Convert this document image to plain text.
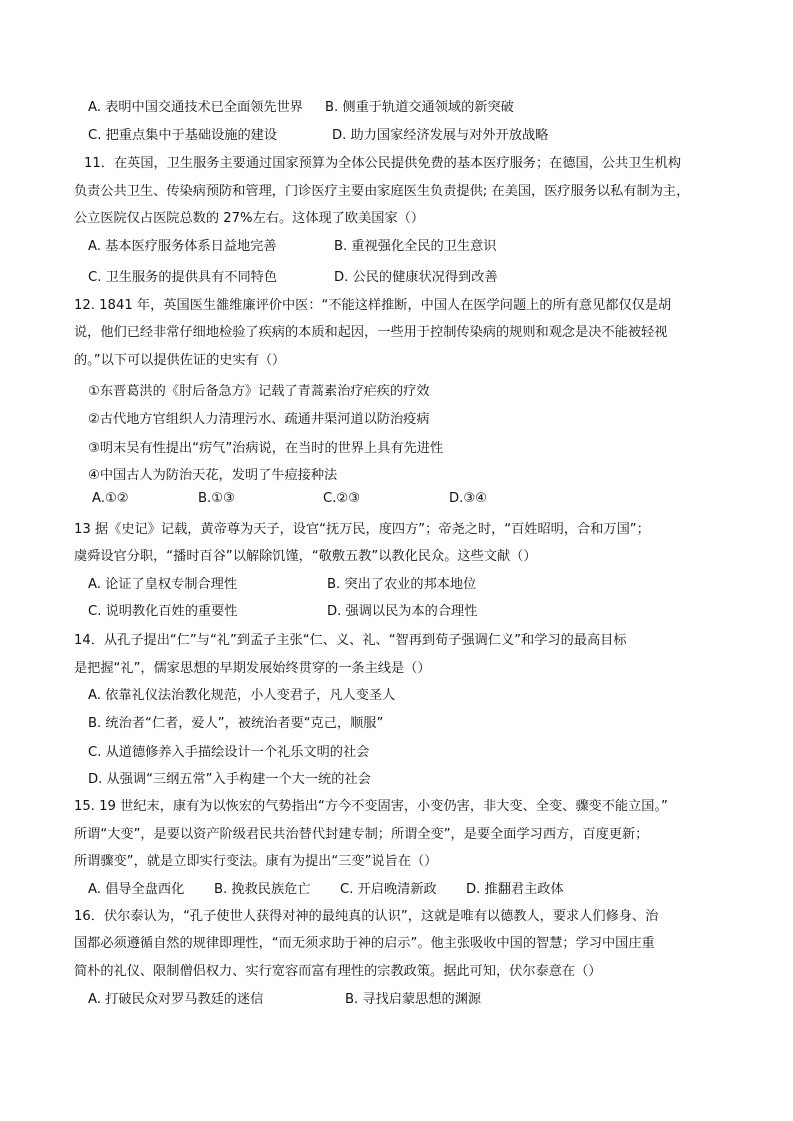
A. 表明中国交通技术已全面领先世界 B. 侧重于轨道交通领域的新突破
C. 把重点集中于基础设施的建设	D. 助力国家经济发展与对外开放战略
11．在英国，卫生服务主要通过国家预算为全体公民提供免费的基本医疗服务；在德国，公共卫生机构
负责公共卫生、传染病预防和管理，门诊医疗主要由家庭医生负责提供; 在美国，医疗服务以私有制为主，
公立医院仅占医院总数的 27%左右。这体现了欧美国家（）
A. 基本医疗服务体系日益地完善	B. 重视强化全民的卫生意识
C. 卫生服务的提供具有不同特色	D. 公民的健康状况得到改善
12. 1841 年，英国医生雒维廉评价中医：“不能这样推断，中国人在医学问题上的所有意见都仅仅是胡
说，他们已经非常仔细地检验了疾病的本质和起因，一些用于控制传染病的规则和观念是决不能被轻视
的。”以下可以提供佐证的史实有（）
①东晋葛洪的《肘后备急方》记载了青蒿素治疗疟疾的疗效
②古代地方官组织人力清理污水、疏通井渠河道以防治疫病
③明末吴有性提出“疠气”治病说，在当时的世界上具有先进性
④中国古人为防治天花，发明了牛痘接种法
A.①②	B.①③	C.②③	D.③④
13 据《史记》记载，黄帝尊为天子，设官“抚万民，度四方”；帝尧之时，“百姓昭明，合和万国”；
虞舜设官分职，“播时百谷”以解除饥馑，“敬敷五教”以教化民众。这些文献（）
A. 论证了皇权专制合理性	B. 突出了农业的邦本地位
C. 说明教化百姓的重要性	D. 强调以民为本的合理性
14．从孔子提出“仁”与“礼”到孟子主张“仁、义、礼、“智再到荀子强调仁义”和学习的最高目标
是把握“礼”，儒家思想的早期发展始终贯穿的一条主线是（）
A. 依靠礼仪法治教化规范，小人变君子，凡人变圣人
B. 统治者“仁者，爱人”，被统治者要“克己，顺服”
C. 从道德修养入手描绘设计一个礼乐文明的社会
D. 从强调“三纲五常”入手构建一个大一统的社会
15. 19 世纪末，康有为以恢宏的气势指出“方今不变固害，小变仍害，非大变、全变、骤变不能立国。”
所谓“大变”，是要以资产阶级君民共治替代封建专制；所谓全变”，是要全面学习西方，百度更新；
所谓骤变”，就是立即实行变法。康有为提出“三变”说旨在（）
A. 倡导全盘西化 B. 挽救民族危亡 C. 开启晚清新政 D. 推翻君主政体
16．伏尔泰认为，“孔子使世人获得对神的最纯真的认识”，这就是唯有以德教人，要求人们修身、治
国都必须遵循自然的规律即理性，“而无须求助于神的启示”。他主张吸收中国的智慧；学习中国庄重
简朴的礼仪、限制僧侣权力、实行宽容而富有理性的宗教政策。据此可知，伏尔泰意在（）
A. 打破民众对罗马教廷的迷信	B. 寻找启蒙思想的渊源
